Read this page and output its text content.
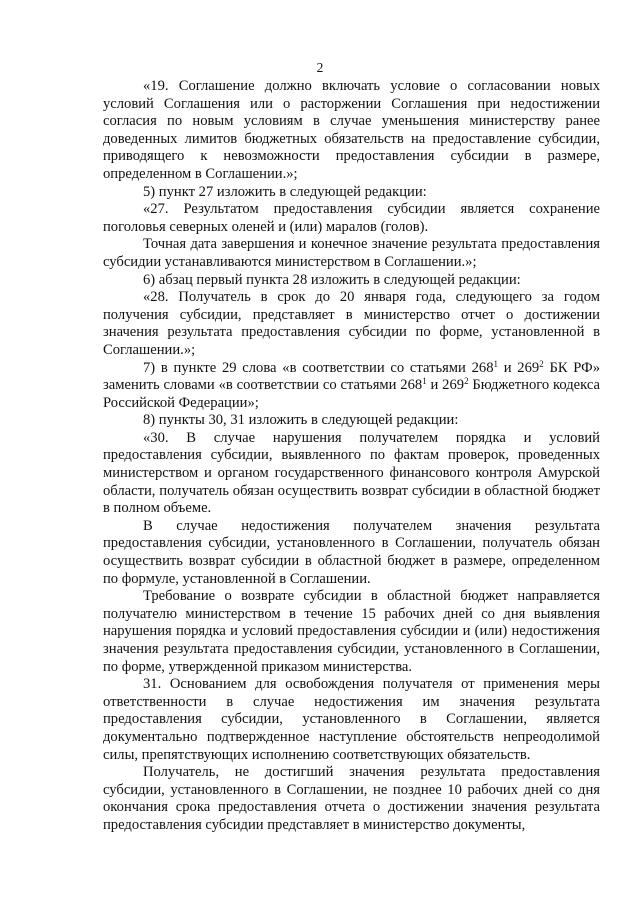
2

«19. Соглашение должно включать условие о согласовании новых условий Соглашения или о расторжении Соглашения при недостижении согласия по новым условиям в случае уменьшения министерству ранее доведенных лимитов бюджетных обязательств на предоставление субсидии, приводящего к невозможности предоставления субсидии в размере, определенном в Соглашении.»;

5) пункт 27 изложить в следующей редакции:

«27. Результатом предоставления субсидии является сохранение поголовья северных оленей и (или) маралов (голов).

Точная дата завершения и конечное значение результата предоставления субсидии устанавливаются министерством в Соглашении.»;

6) абзац первый пункта 28 изложить в следующей редакции:

«28. Получатель в срок до 20 января года, следующего за годом получения субсидии, представляет в министерство отчет о достижении значения результата предоставления субсидии по форме, установленной в Соглашении.»;

7) в пункте 29 слова «в соответствии со статьями $268^1$ и $269^2$ БК РФ» заменить словами «в соответствии со статьями $268^1$ и $269^2$ Бюджетного кодекса Российской Федерации»;

8) пункты 30, 31 изложить в следующей редакции:

«30. В случае нарушения получателем порядка и условий предоставления субсидии, выявленного по фактам проверок, проведенных министерством и органом государственного финансового контроля Амурской области, получатель обязан осуществить возврат субсидии в областной бюджет в полном объеме.

В случае недостижения получателем значения результата предоставления субсидии, установленного в Соглашении, получатель обязан осуществить возврат субсидии в областной бюджет в размере, определенном по формуле, установленной в Соглашении.

Требование о возврате субсидии в областной бюджет направляется получателю министерством в течение 15 рабочих дней со дня выявления нарушения порядка и условий предоставления субсидии и (или) недостижения значения результата предоставления субсидии, установленного в Соглашении, по форме, утвержденной приказом министерства.

31. Основанием для освобождения получателя от применения меры ответственности в случае недостижения им значения результата предоставления субсидии, установленного в Соглашении, является документально подтвержденное наступление обстоятельств непреодолимой силы, препятствующих исполнению соответствующих обязательств.

Получатель, не достигший значения результата предоставления субсидии, установленного в Соглашении, не позднее 10 рабочих дней со дня окончания срока предоставления отчета о достижении значения результата предоставления субсидии представляет в министерство документы,
